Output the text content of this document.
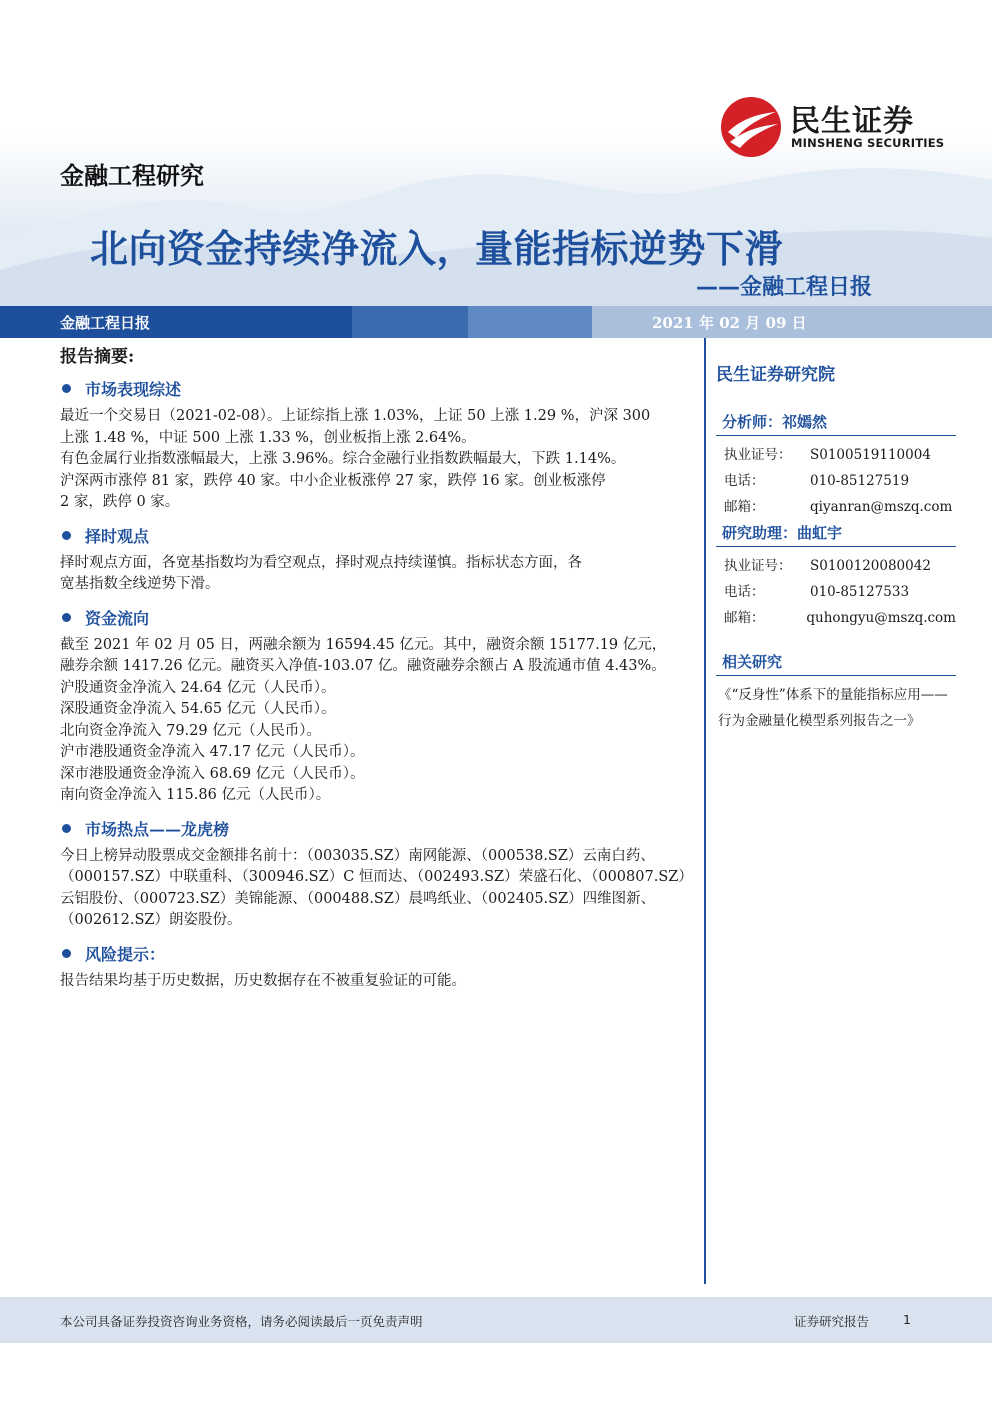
民生证券
MINSHENG SECURITIES
金融工程研究
北向资金持续净流入，量能指标逆势下滑
——金融工程日报
金融工程日报	2021 年 02 月 09 日
报告摘要:
市场表现综述

最近一个交易日（2021-02-08）。上证综指上涨 1.03%，上证 50 上涨 1.29 %，沪深 300

上涨 1.48 %，中证 500 上涨 1.33 %，创业板指上涨 2.64%。

有色金属行业指数涨幅最大，上涨 3.96%。综合金融行业指数跌幅最大，下跌 1.14%。

沪深两市涨停 81 家，跌停 40 家。中小企业板涨停 27 家，跌停 16 家。创业板涨停

2 家，跌停 0 家。

择时观点

择时观点方面，各宽基指数均为看空观点，择时观点持续谨慎。指标状态方面，各

宽基指数全线逆势下滑。

资金流向

截至 2021 年 02 月 05 日，两融余额为 16594.45 亿元。其中，融资余额 15177.19 亿元，

融券余额 1417.26 亿元。融资买入净值-103.07 亿。融资融券余额占 A 股流通市值 4.43%。

沪股通资金净流入 24.64 亿元（人民币）。

深股通资金净流入 54.65 亿元（人民币）。

北向资金净流入 79.29 亿元（人民币）。

沪市港股通资金净流入 47.17 亿元（人民币）。

深市港股通资金净流入 68.69 亿元（人民币）。

南向资金净流入 115.86 亿元（人民币）。

市场热点——龙虎榜

今日上榜异动股票成交金额排名前十：（003035.SZ）南网能源、（000538.SZ）云南白药、

（000157.SZ）中联重科、（300946.SZ）C 恒而达、（002493.SZ）荣盛石化、（000807.SZ）

云铝股份、（000723.SZ）美锦能源、（000488.SZ）晨鸣纸业、（002405.SZ）四维图新、

（002612.SZ）朗姿股份。

风险提示：

报告结果均基于历史数据，历史数据存在不被重复验证的可能。

民生证券研究院
分析师：祁嫣然
执业证号：	S0100519110004
电话：	010-85127519
邮箱：	qiyanran@mszq.com
研究助理：曲虹宇
执业证号：	S0100120080042
电话：	010-85127533
邮箱：	quhongyu@mszq.com
相关研究
《“反身性”体系下的量能指标应用——
行为金融量化模型系列报告之一》
本公司具备证券投资咨询业务资格，请务必阅读最后一页免责声明	证券研究报告	1
